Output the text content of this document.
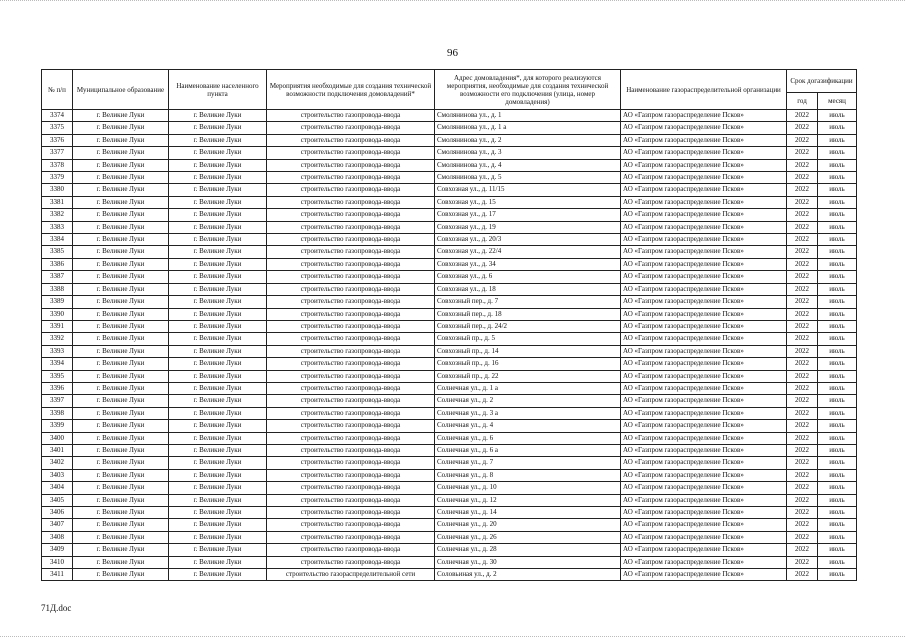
96
№ п/п	Муниципальное образование	Наименование населенного пункта	Мероприятия необходимые для создания технической возможности подключения домовладений*	Адрес домовладения*, для которого реализуются мероприятия, необходимые для создания технической возможности его подключения (улица, номер домовладения)	Наименование газораспределительной организации	Срок догазификации	
						год	месяц
3374	г. Великие Луки	г. Великие Луки	строительство газопровода-ввода	Смолянинова ул., д. 1	АО «Газпром газораспределение Псков»	2022	июль
3375	г. Великие Луки	г. Великие Луки	строительство газопровода-ввода	Смолянинова ул., д. 1 а	АО «Газпром газораспределение Псков»	2022	июль
3376	г. Великие Луки	г. Великие Луки	строительство газопровода-ввода	Смолянинова ул., д. 2	АО «Газпром газораспределение Псков»	2022	июль
3377	г. Великие Луки	г. Великие Луки	строительство газопровода-ввода	Смолянинова ул., д. 3	АО «Газпром газораспределение Псков»	2022	июль
3378	г. Великие Луки	г. Великие Луки	строительство газопровода-ввода	Смолянинова ул., д. 4	АО «Газпром газораспределение Псков»	2022	июль
3379	г. Великие Луки	г. Великие Луки	строительство газопровода-ввода	Смолянинова ул., д. 5	АО «Газпром газораспределение Псков»	2022	июль
3380	г. Великие Луки	г. Великие Луки	строительство газопровода-ввода	Совхозная ул., д. 11/15	АО «Газпром газораспределение Псков»	2022	июль
3381	г. Великие Луки	г. Великие Луки	строительство газопровода-ввода	Совхозная ул., д. 15	АО «Газпром газораспределение Псков»	2022	июль
3382	г. Великие Луки	г. Великие Луки	строительство газопровода-ввода	Совхозная ул., д. 17	АО «Газпром газораспределение Псков»	2022	июль
3383	г. Великие Луки	г. Великие Луки	строительство газопровода-ввода	Совхозная ул., д. 19	АО «Газпром газораспределение Псков»	2022	июль
3384	г. Великие Луки	г. Великие Луки	строительство газопровода-ввода	Совхозная ул., д. 20/3	АО «Газпром газораспределение Псков»	2022	июль
3385	г. Великие Луки	г. Великие Луки	строительство газопровода-ввода	Совхозная ул., д. 22/4	АО «Газпром газораспределение Псков»	2022	июль
3386	г. Великие Луки	г. Великие Луки	строительство газопровода-ввода	Совхозная ул., д. 34	АО «Газпром газораспределение Псков»	2022	июль
3387	г. Великие Луки	г. Великие Луки	строительство газопровода-ввода	Совхозная ул., д. 6	АО «Газпром газораспределение Псков»	2022	июль
3388	г. Великие Луки	г. Великие Луки	строительство газопровода-ввода	Совхозная ул., д. 18	АО «Газпром газораспределение Псков»	2022	июль
3389	г. Великие Луки	г. Великие Луки	строительство газопровода-ввода	Совхозный пер., д. 7	АО «Газпром газораспределение Псков»	2022	июль
3390	г. Великие Луки	г. Великие Луки	строительство газопровода-ввода	Совхозный пер., д. 18	АО «Газпром газораспределение Псков»	2022	июль
3391	г. Великие Луки	г. Великие Луки	строительство газопровода-ввода	Совхозный пер., д. 24/2	АО «Газпром газораспределение Псков»	2022	июль
3392	г. Великие Луки	г. Великие Луки	строительство газопровода-ввода	Совхозный пр., д. 5	АО «Газпром газораспределение Псков»	2022	июль
3393	г. Великие Луки	г. Великие Луки	строительство газопровода-ввода	Совхозный пр., д. 14	АО «Газпром газораспределение Псков»	2022	июль
3394	г. Великие Луки	г. Великие Луки	строительство газопровода-ввода	Совхозный пр., д. 16	АО «Газпром газораспределение Псков»	2022	июль
3395	г. Великие Луки	г. Великие Луки	строительство газопровода-ввода	Совхозный пр., д. 22	АО «Газпром газораспределение Псков»	2022	июль
3396	г. Великие Луки	г. Великие Луки	строительство газопровода-ввода	Солнечная ул., д. 1 а	АО «Газпром газораспределение Псков»	2022	июль
3397	г. Великие Луки	г. Великие Луки	строительство газопровода-ввода	Солнечная ул., д. 2	АО «Газпром газораспределение Псков»	2022	июль
3398	г. Великие Луки	г. Великие Луки	строительство газопровода-ввода	Солнечная ул., д. 3 а	АО «Газпром газораспределение Псков»	2022	июль
3399	г. Великие Луки	г. Великие Луки	строительство газопровода-ввода	Солнечная ул., д. 4	АО «Газпром газораспределение Псков»	2022	июль
3400	г. Великие Луки	г. Великие Луки	строительство газопровода-ввода	Солнечная ул., д. 6	АО «Газпром газораспределение Псков»	2022	июль
3401	г. Великие Луки	г. Великие Луки	строительство газопровода-ввода	Солнечная ул., д. 6 а	АО «Газпром газораспределение Псков»	2022	июль
3402	г. Великие Луки	г. Великие Луки	строительство газопровода-ввода	Солнечная ул., д. 7	АО «Газпром газораспределение Псков»	2022	июль
3403	г. Великие Луки	г. Великие Луки	строительство газопровода-ввода	Солнечная ул., д. 8	АО «Газпром газораспределение Псков»	2022	июль
3404	г. Великие Луки	г. Великие Луки	строительство газопровода-ввода	Солнечная ул., д. 10	АО «Газпром газораспределение Псков»	2022	июль
3405	г. Великие Луки	г. Великие Луки	строительство газопровода-ввода	Солнечная ул., д. 12	АО «Газпром газораспределение Псков»	2022	июль
3406	г. Великие Луки	г. Великие Луки	строительство газопровода-ввода	Солнечная ул., д. 14	АО «Газпром газораспределение Псков»	2022	июль
3407	г. Великие Луки	г. Великие Луки	строительство газопровода-ввода	Солнечная ул., д. 20	АО «Газпром газораспределение Псков»	2022	июль
3408	г. Великие Луки	г. Великие Луки	строительство газопровода-ввода	Солнечная ул., д. 26	АО «Газпром газораспределение Псков»	2022	июль
3409	г. Великие Луки	г. Великие Луки	строительство газопровода-ввода	Солнечная ул., д. 28	АО «Газпром газораспределение Псков»	2022	июль
3410	г. Великие Луки	г. Великие Луки	строительство газопровода-ввода	Солнечная ул., д. 30	АО «Газпром газораспределение Псков»	2022	июль
3411	г. Великие Луки	г. Великие Луки	строительство газораспределительной сети	Соловьиная ул., д. 2	АО «Газпром газораспределение Псков»	2022	июль
71Д.doc
